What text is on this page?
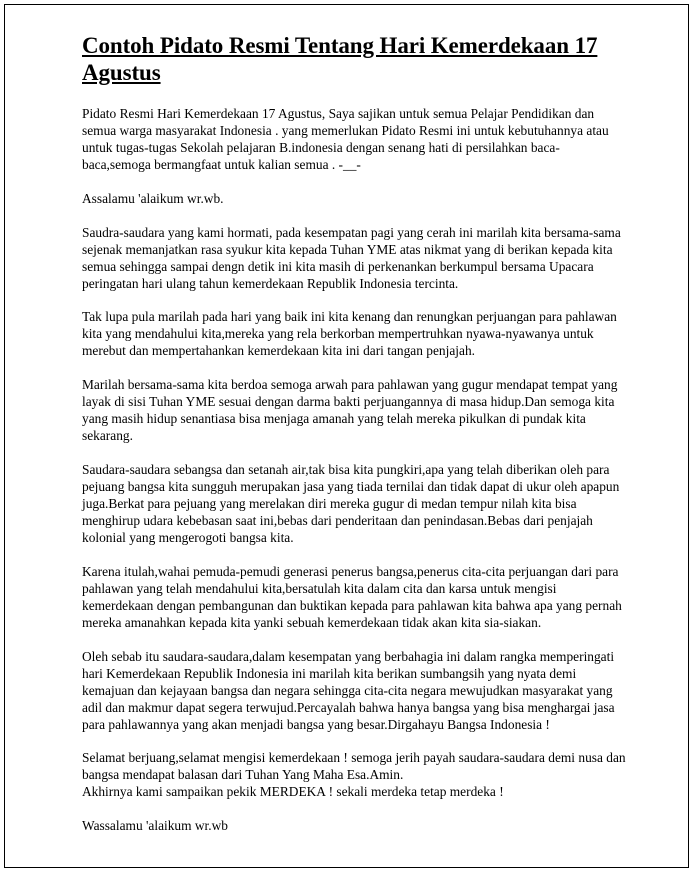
Contoh Pidato Resmi Tentang Hari Kemerdekaan 17 Agustus

Pidato Resmi Hari Kemerdekaan 17 Agustus, Saya sajikan untuk semua Pelajar Pendidikan dan semua warga masyarakat Indonesia . yang memerlukan Pidato Resmi ini untuk kebutuhannya atau untuk tugas-tugas Sekolah pelajaran B.indonesia dengan senang hati di persilahkan baca-baca,semoga bermangfaat untuk kalian semua . -__-

Assalamu 'alaikum wr.wb.

Saudra-saudara yang kami hormati, pada kesempatan pagi yang cerah ini marilah kita bersama-sama sejenak memanjatkan rasa syukur kita kepada Tuhan YME atas nikmat yang di berikan kepada kita semua sehingga sampai dengn detik ini kita masih di perkenankan berkumpul bersama Upacara peringatan hari ulang tahun kemerdekaan Republik Indonesia tercinta.

Tak lupa pula marilah pada hari yang baik ini kita kenang dan renungkan perjuangan para pahlawan kita yang mendahului kita,mereka yang rela berkorban mempertruhkan nyawa-nyawanya untuk merebut dan mempertahankan kemerdekaan kita ini dari tangan penjajah.

Marilah bersama-sama kita berdoa semoga arwah para pahlawan yang gugur mendapat tempat yang layak di sisi Tuhan YME sesuai dengan darma bakti perjuangannya di masa hidup.Dan semoga kita yang masih hidup senantiasa bisa menjaga amanah yang telah mereka pikulkan di pundak kita sekarang.

Saudara-saudara sebangsa dan setanah air,tak bisa kita pungkiri,apa yang telah diberikan oleh para pejuang bangsa kita sungguh merupakan jasa yang tiada ternilai dan tidak dapat di ukur oleh apapun juga.Berkat para pejuang yang merelakan diri mereka gugur di medan tempur nilah kita bisa menghirup udara kebebasan saat ini,bebas dari penderitaan dan penindasan.Bebas dari penjajah kolonial yang mengerogoti bangsa kita.

Karena itulah,wahai pemuda-pemudi generasi penerus bangsa,penerus cita-cita perjuangan dari para pahlawan yang telah mendahului kita,bersatulah kita dalam cita dan karsa untuk mengisi kemerdekaan dengan pembangunan dan buktikan kepada para pahlawan kita bahwa apa yang pernah mereka amanahkan kepada kita yanki sebuah kemerdekaan tidak akan kita sia-siakan.

Oleh sebab itu saudara-saudara,dalam kesempatan yang berbahagia ini dalam rangka memperingati hari Kemerdekaan Republik Indonesia ini marilah kita berikan sumbangsih yang nyata demi kemajuan dan kejayaan bangsa dan negara sehingga cita-cita negara mewujudkan masyarakat yang adil dan makmur dapat segera terwujud.Percayalah bahwa hanya bangsa yang bisa menghargai jasa para pahlawannya yang akan menjadi bangsa yang besar.Dirgahayu Bangsa Indonesia !

Selamat berjuang,selamat mengisi kemerdekaan ! semoga jerih payah saudara-saudara demi nusa dan bangsa mendapat balasan dari Tuhan Yang Maha Esa.Amin.
Akhirnya kami sampaikan pekik MERDEKA ! sekali merdeka tetap merdeka !

Wassalamu 'alaikum wr.wb
